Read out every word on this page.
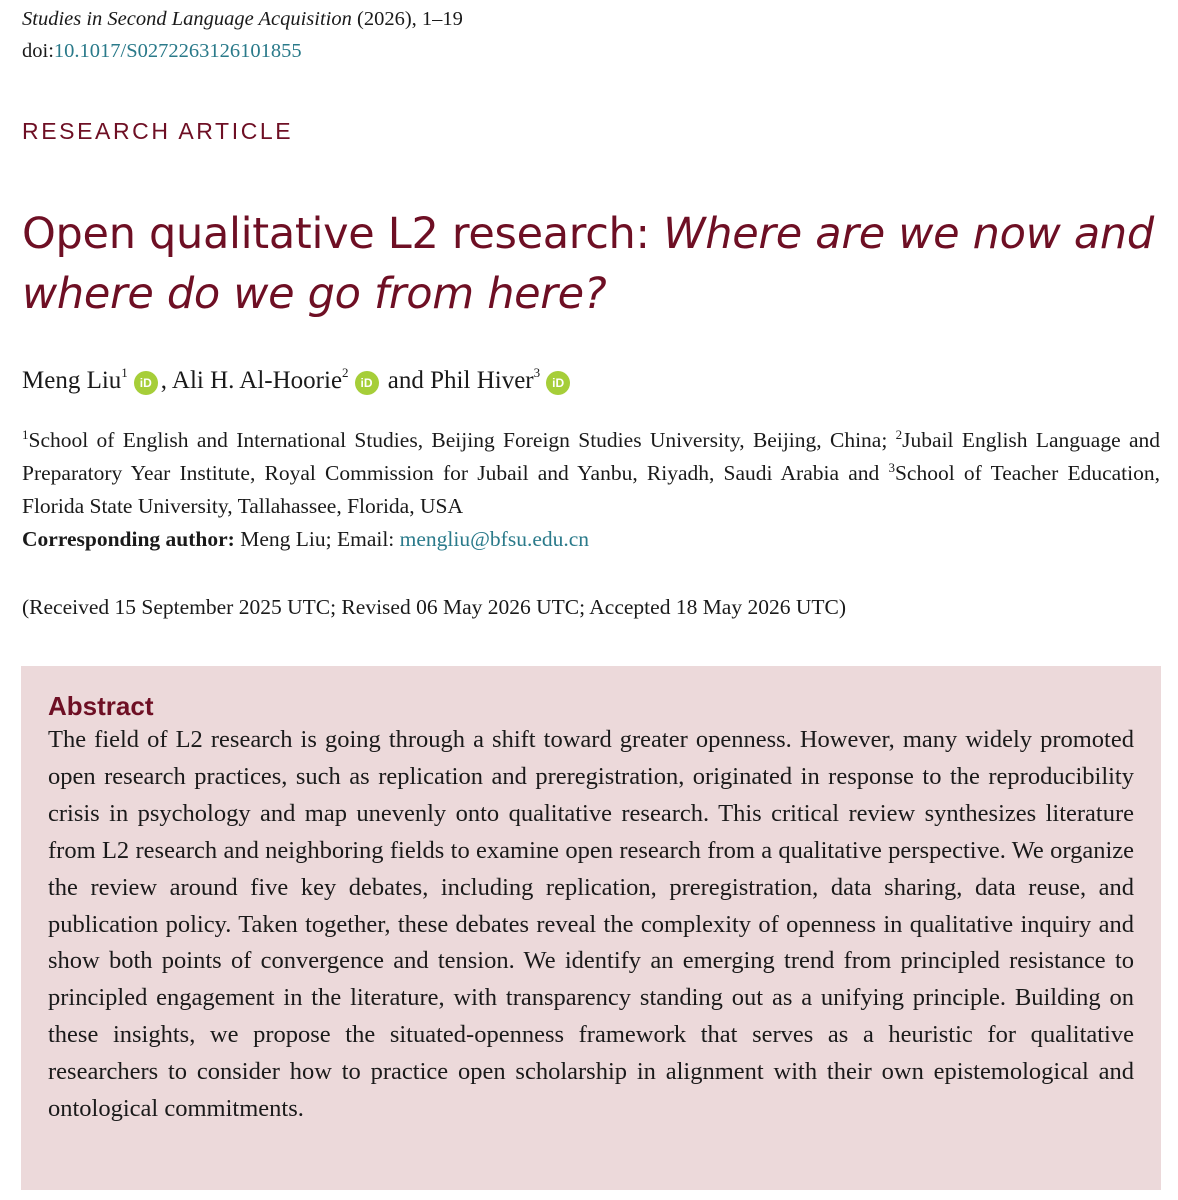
Studies in Second Language Acquisition (2026), 1–19
doi:10.1017/S0272263126101855
RESEARCH ARTICLE
Open qualitative L2 research: Where are we now and where do we go from here?
Meng Liu$^1$iD , Ali H. Al-Hoorie$^2$iD and Phil Hiver$^3$iD
$^1$School of English and International Studies, Beijing Foreign Studies University, Beijing, China; $^2$Jubail English Language and Preparatory Year Institute, Royal Commission for Jubail and Yanbu, Riyadh, Saudi Arabia and $^3$School of Teacher Education, Florida State University, Tallahassee, Florida, USA
Corresponding author: Meng Liu; Email: mengliu@bfsu.edu.cn
(Received 15 September 2025 UTC; Revised 06 May 2026 UTC; Accepted 18 May 2026 UTC)
Abstract

The field of L2 research is going through a shift toward greater openness. However, many widely promoted open research practices, such as replication and preregistration, originated in response to the reproducibility crisis in psychology and map unevenly onto qualitative research. This critical review synthesizes literature from L2 research and neighboring fields to examine open research from a qualitative perspective. We organize the review around five key debates, including replication, preregistration, data sharing, data reuse, and publication policy. Taken together, these debates reveal the complexity of openness in qualitative inquiry and show both points of convergence and tension. We identify an emerging trend from principled resistance to principled engagement in the literature, with transparency standing out as a unifying principle. Building on these insights, we propose the situated-openness framework that serves as a heuristic for qualitative researchers to consider how to practice open scholarship in alignment with their own epistemological and ontological commitments.
